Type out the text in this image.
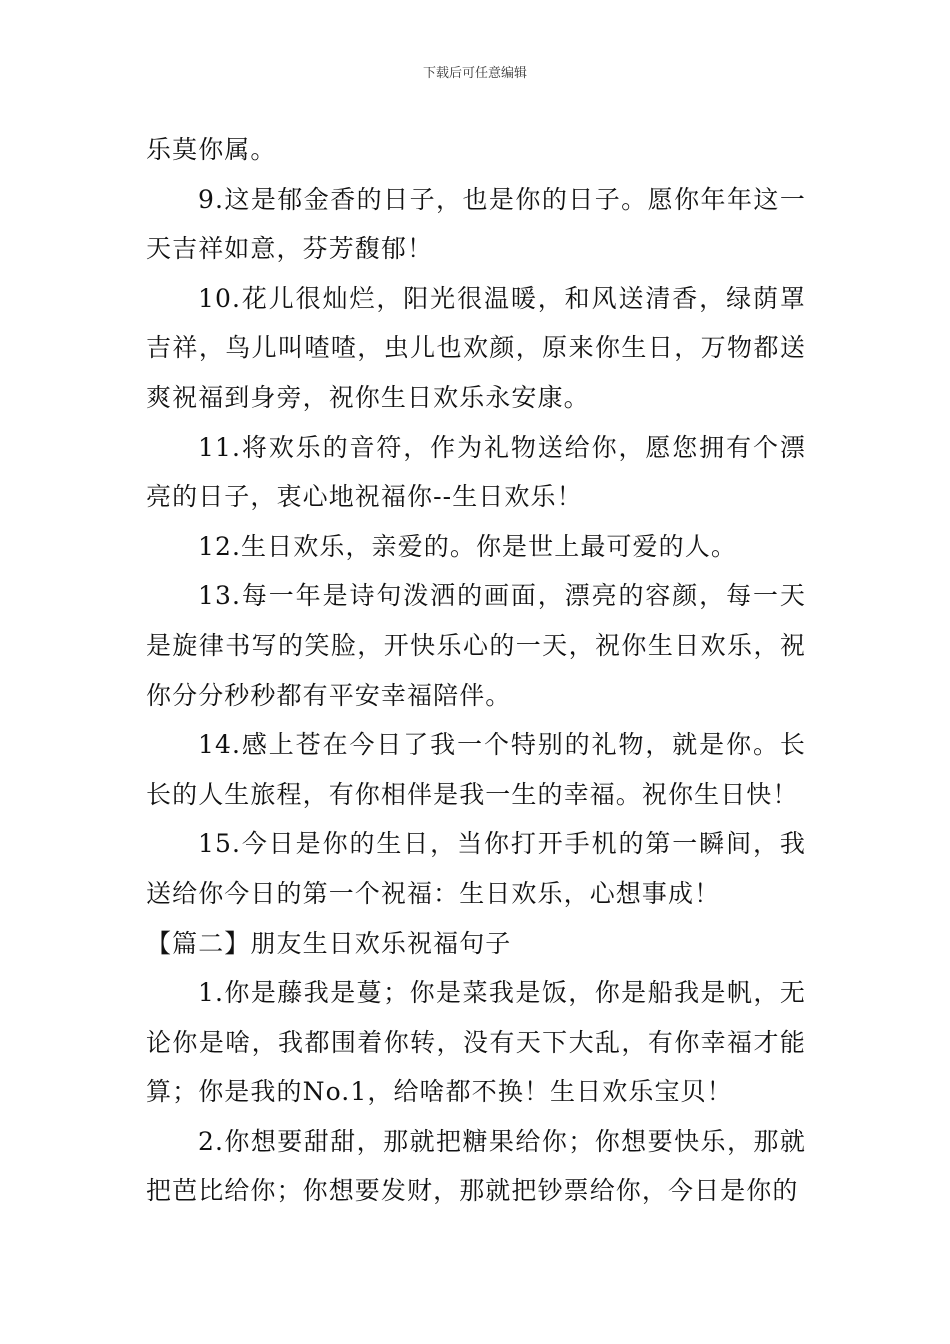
下载后可任意编辑

乐莫你属。

9.这是郁金香的日子，也是你的日子。愿你年年这一天吉祥如意，芬芳馥郁！

10.花儿很灿烂，阳光很温暖，和风送清香，绿荫罩吉祥，鸟儿叫喳喳，虫儿也欢颜，原来你生日，万物都送爽祝福到身旁，祝你生日欢乐永安康。

11.将欢乐的音符，作为礼物送给你，愿您拥有个漂亮的日子，衷心地祝福你--生日欢乐！

12.生日欢乐，亲爱的。你是世上最可爱的人。

13.每一年是诗句泼洒的画面，漂亮的容颜，每一天是旋律书写的笑脸，开快乐心的一天，祝你生日欢乐，祝你分分秒秒都有平安幸福陪伴。

14.感上苍在今日了我一个特别的礼物，就是你。长长的人生旅程，有你相伴是我一生的幸福。祝你生日快！

15.今日是你的生日，当你打开手机的第一瞬间，我送给你今日的第一个祝福：生日欢乐，心想事成！

【篇二】朋友生日欢乐祝福句子

1.你是藤我是蔓；你是菜我是饭，你是船我是帆，无论你是啥，我都围着你转，没有天下大乱，有你幸福才能算；你是我的No.1，给啥都不换！生日欢乐宝贝！

2.你想要甜甜，那就把糖果给你；你想要快乐，那就把芭比给你；你想要发财，那就把钞票给你，今日是你的
